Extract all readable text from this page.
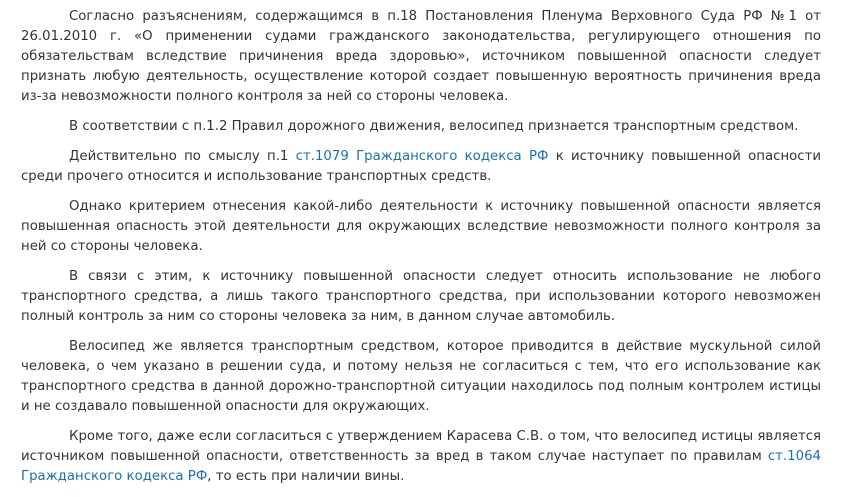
Согласно разъяснениям, содержащимся в п.18 Постановления Пленума Верховного Суда РФ №1 от 26.01.2010 г. «О применении судами гражданского законодательства, регулирующего отношения по обязательствам вследствие причинения вреда здоровью», источником повышенной опасности следует признать любую деятельность, осуществление которой создает повышенную вероятность причинения вреда из-за невозможности полного контроля за ней со стороны человека.

В соответствии с п.1.2 Правил дорожного движения, велосипед признается транспортным средством.

Действительно по смыслу п.1 ст.1079 Гражданского кодекса РФ к источнику повышенной опасности среди прочего относится и использование транспортных средств.

Однако критерием отнесения какой-либо деятельности к источнику повышенной опасности является повышенная опасность этой деятельности для окружающих вследствие невозможности полного контроля за ней со стороны человека.

В связи с этим, к источнику повышенной опасности следует относить использование не любого транспортного средства, а лишь такого транспортного средства, при использовании которого невозможен полный контроль за ним со стороны человека за ним, в данном случае автомобиль.

Велосипед же является транспортным средством, которое приводится в действие мускульной силой человека, о чем указано в решении суда, и потому нельзя не согласиться с тем, что его использование как транспортного средства в данной дорожно-транспортной ситуации находилось под полным контролем истицы и не создавало повышенной опасности для окружающих.

Кроме того, даже если согласиться с утверждением Карасева С.В. о том, что велосипед истицы является источником повышенной опасности, ответственность за вред в таком случае наступает по правилам ст.1064 Гражданского кодекса РФ, то есть при наличии вины.
